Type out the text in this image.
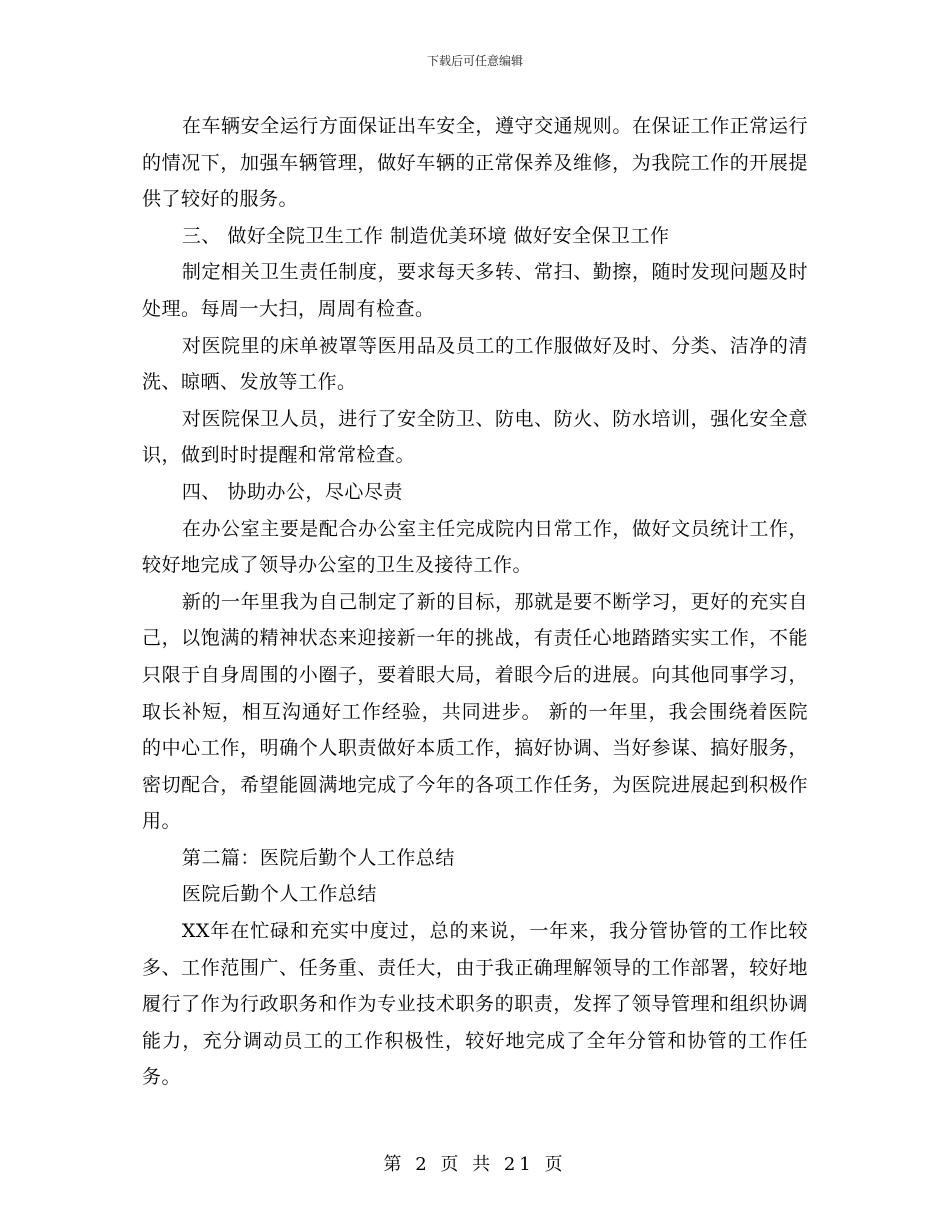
下载后可任意编辑

在车辆安全运行方面保证出车安全，遵守交通规则。在保证工作正常运行的情况下，加强车辆管理，做好车辆的正常保养及维修，为我院工作的开展提供了较好的服务。

三、 做好全院卫生工作 制造优美环境 做好安全保卫工作

制定相关卫生责任制度，要求每天多转、常扫、勤擦，随时发现问题及时处理。每周一大扫，周周有检查。

对医院里的床单被罩等医用品及员工的工作服做好及时、分类、洁净的清洗、晾晒、发放等工作。

对医院保卫人员，进行了安全防卫、防电、防火、防水培训，强化安全意识，做到时时提醒和常常检查。

四、 协助办公，尽心尽责

在办公室主要是配合办公室主任完成院内日常工作，做好文员统计工作，较好地完成了领导办公室的卫生及接待工作。

新的一年里我为自己制定了新的目标，那就是要不断学习，更好的充实自己，以饱满的精神状态来迎接新一年的挑战，有责任心地踏踏实实工作，不能只限于自身周围的小圈子，要着眼大局，着眼今后的进展。向其他同事学习，取长补短，相互沟通好工作经验，共同进步。 新的一年里，我会围绕着医院的中心工作，明确个人职责做好本质工作，搞好协调、当好参谋、搞好服务，密切配合，希望能圆满地完成了今年的各项工作任务，为医院进展起到积极作用。

第二篇：医院后勤个人工作总结

医院后勤个人工作总结

XX年在忙碌和充实中度过，总的来说，一年来，我分管协管的工作比较多、工作范围广、任务重、责任大，由于我正确理解领导的工作部署，较好地履行了作为行政职务和作为专业技术职务的职责，发挥了领导管理和组织协调能力，充分调动员工的工作积极性，较好地完成了全年分管和协管的工作任务。

第 2 页 共 21 页
